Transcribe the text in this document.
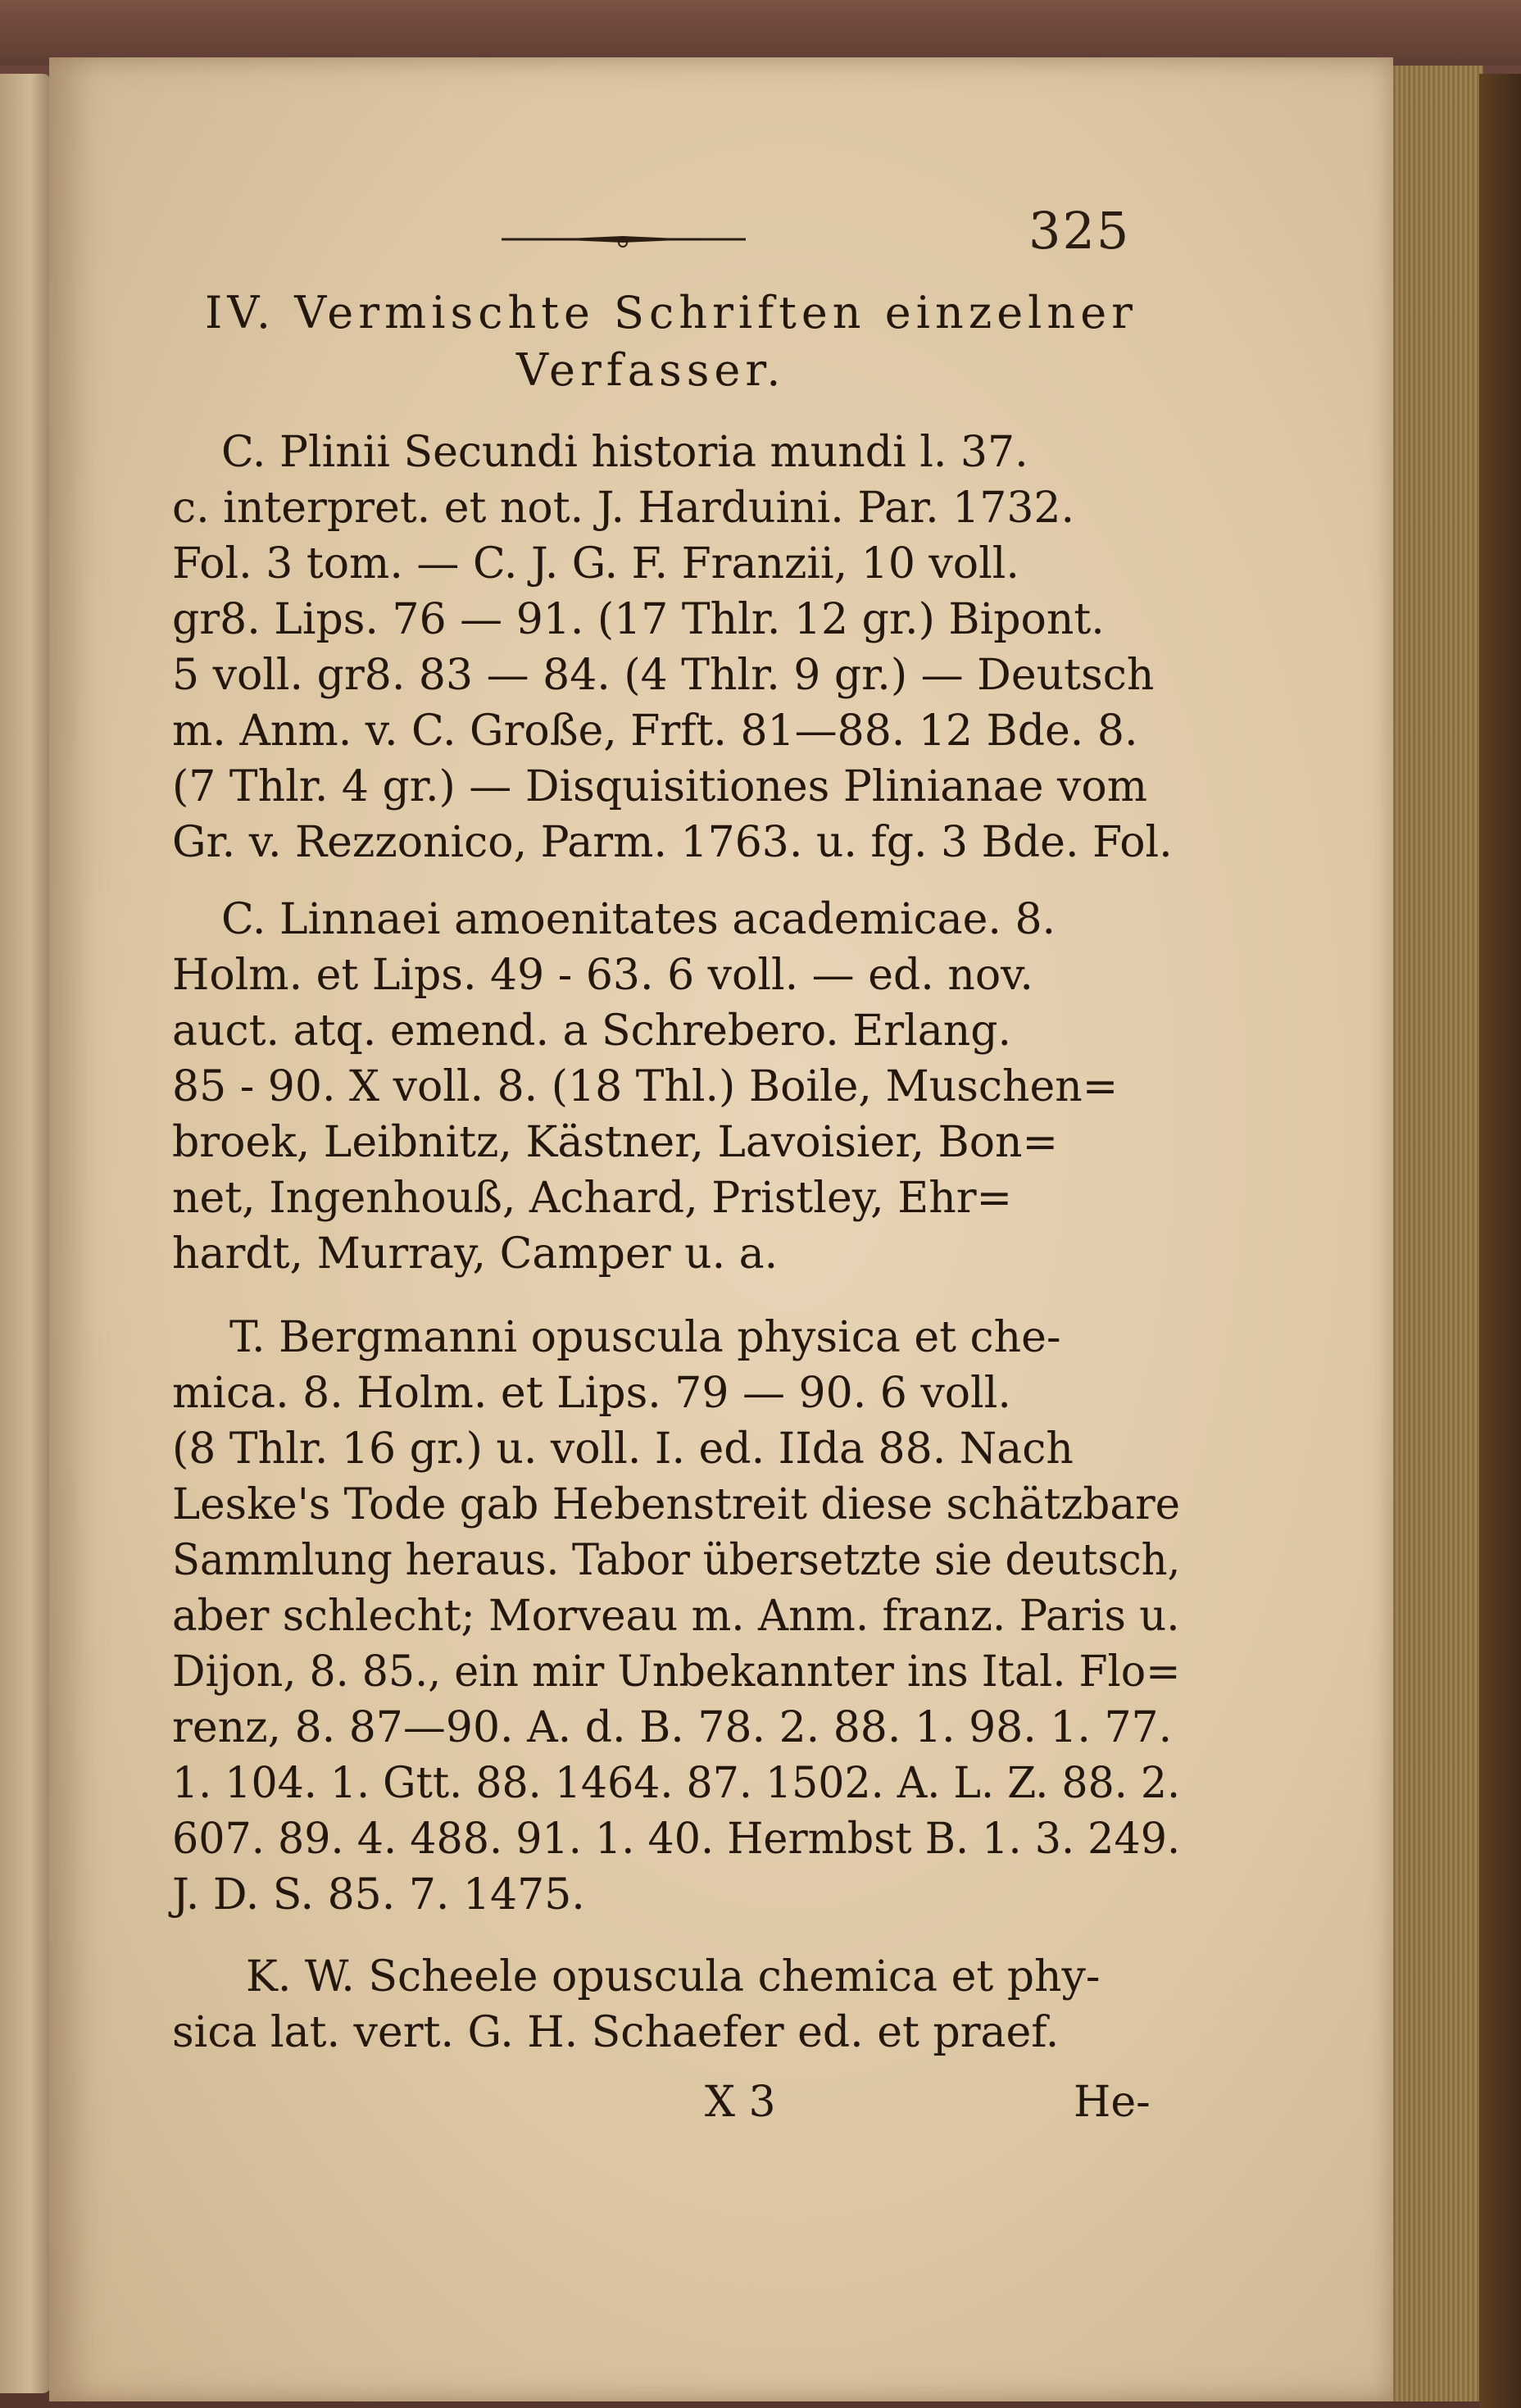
325
IV. Vermischte Schriften einzelner
Verfasser.
C. Plinii Secundi historia mundi l. 37.
c. interpret. et not. J. Harduini. Par. 1732.
Fol. 3 tom. — C. J. G. F. Franzii, 10 voll.
gr8. Lips. 76 — 91. (17 Thlr. 12 gr.) Bipont.
5 voll. gr8. 83 — 84. (4 Thlr. 9 gr.) — Deutsch
m. Anm. v. C. Große, Frft. 81—88. 12 Bde. 8.
(7 Thlr. 4 gr.) — Disquisitiones Plinianae vom
Gr. v. Rezzonico, Parm. 1763. u. fg. 3 Bde. Fol.
C. Linnaei amoenitates academicae. 8.
Holm. et Lips. 49 - 63. 6 voll. — ed. nov.
auct. atq. emend. a Schrebero. Erlang.
85 - 90. X voll. 8. (18 Thl.) Boile, Muschen=
broek, Leibnitz, Kästner, Lavoisier, Bon=
net, Ingenhouß, Achard, Pristley, Ehr=
hardt, Murray, Camper u. a.
T. Bergmanni opuscula physica et che-
mica. 8. Holm. et Lips. 79 — 90. 6 voll.
(8 Thlr. 16 gr.) u. voll. I. ed. IIda 88. Nach
Leske's Tode gab Hebenstreit diese schätzbare
Sammlung heraus. Tabor übersetzte sie deutsch,
aber schlecht; Morveau m. Anm. franz. Paris u.
Dijon, 8. 85., ein mir Unbekannter ins Ital. Flo=
renz, 8. 87—90. A. d. B. 78. 2. 88. 1. 98. 1. 77.
1. 104. 1. Gtt. 88. 1464. 87. 1502. A. L. Z. 88. 2.
607. 89. 4. 488. 91. 1. 40. Hermbst B. 1. 3. 249.
J. D. S. 85. 7. 1475.
K. W. Scheele opuscula chemica et phy-
sica lat. vert. G. H. Schaefer ed. et praef.
X 3	He-
